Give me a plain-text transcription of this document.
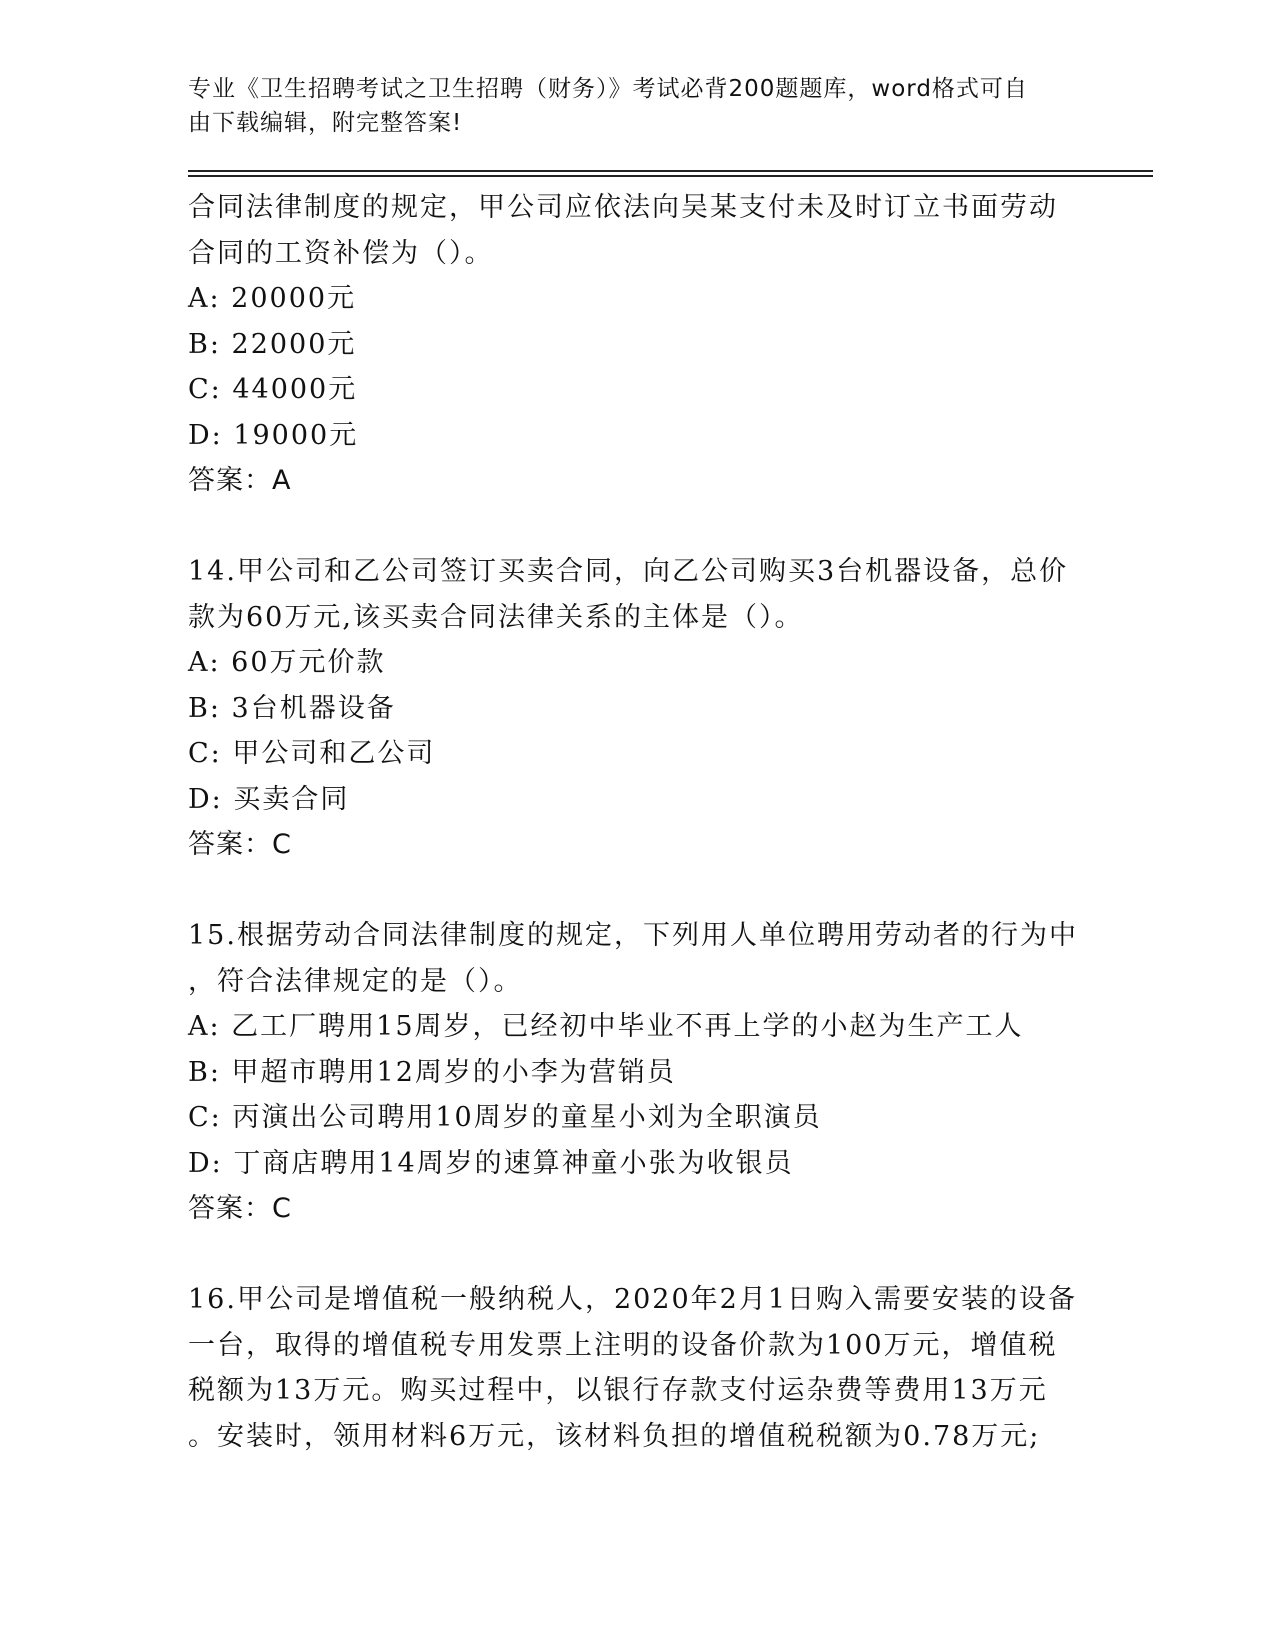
专业《卫生招聘考试之卫生招聘（财务）》考试必背200题题库，word格式可自
由下载编辑，附完整答案!
合同法律制度的规定，甲公司应依法向吴某支付未及时订立书面劳动
合同的工资补偿为（）。
A: 20000元
B: 22000元
C: 44000元
D: 19000元
答案：A
14.甲公司和乙公司签订买卖合同，向乙公司购买3台机器设备，总价
款为60万元,该买卖合同法律关系的主体是（）。
A: 60万元价款
B: 3台机器设备
C: 甲公司和乙公司
D: 买卖合同
答案：C
15.根据劳动合同法律制度的规定，下列用人单位聘用劳动者的行为中
，符合法律规定的是（）。
A: 乙工厂聘用15周岁，已经初中毕业不再上学的小赵为生产工人
B: 甲超市聘用12周岁的小李为营销员
C: 丙演出公司聘用10周岁的童星小刘为全职演员
D: 丁商店聘用14周岁的速算神童小张为收银员
答案：C
16.甲公司是增值税一般纳税人，2020年2月1日购入需要安装的设备
一台，取得的增值税专用发票上注明的设备价款为100万元，增值税
税额为13万元。购买过程中，以银行存款支付运杂费等费用13万元
。安装时，领用材料6万元，该材料负担的增值税税额为0.78万元;
